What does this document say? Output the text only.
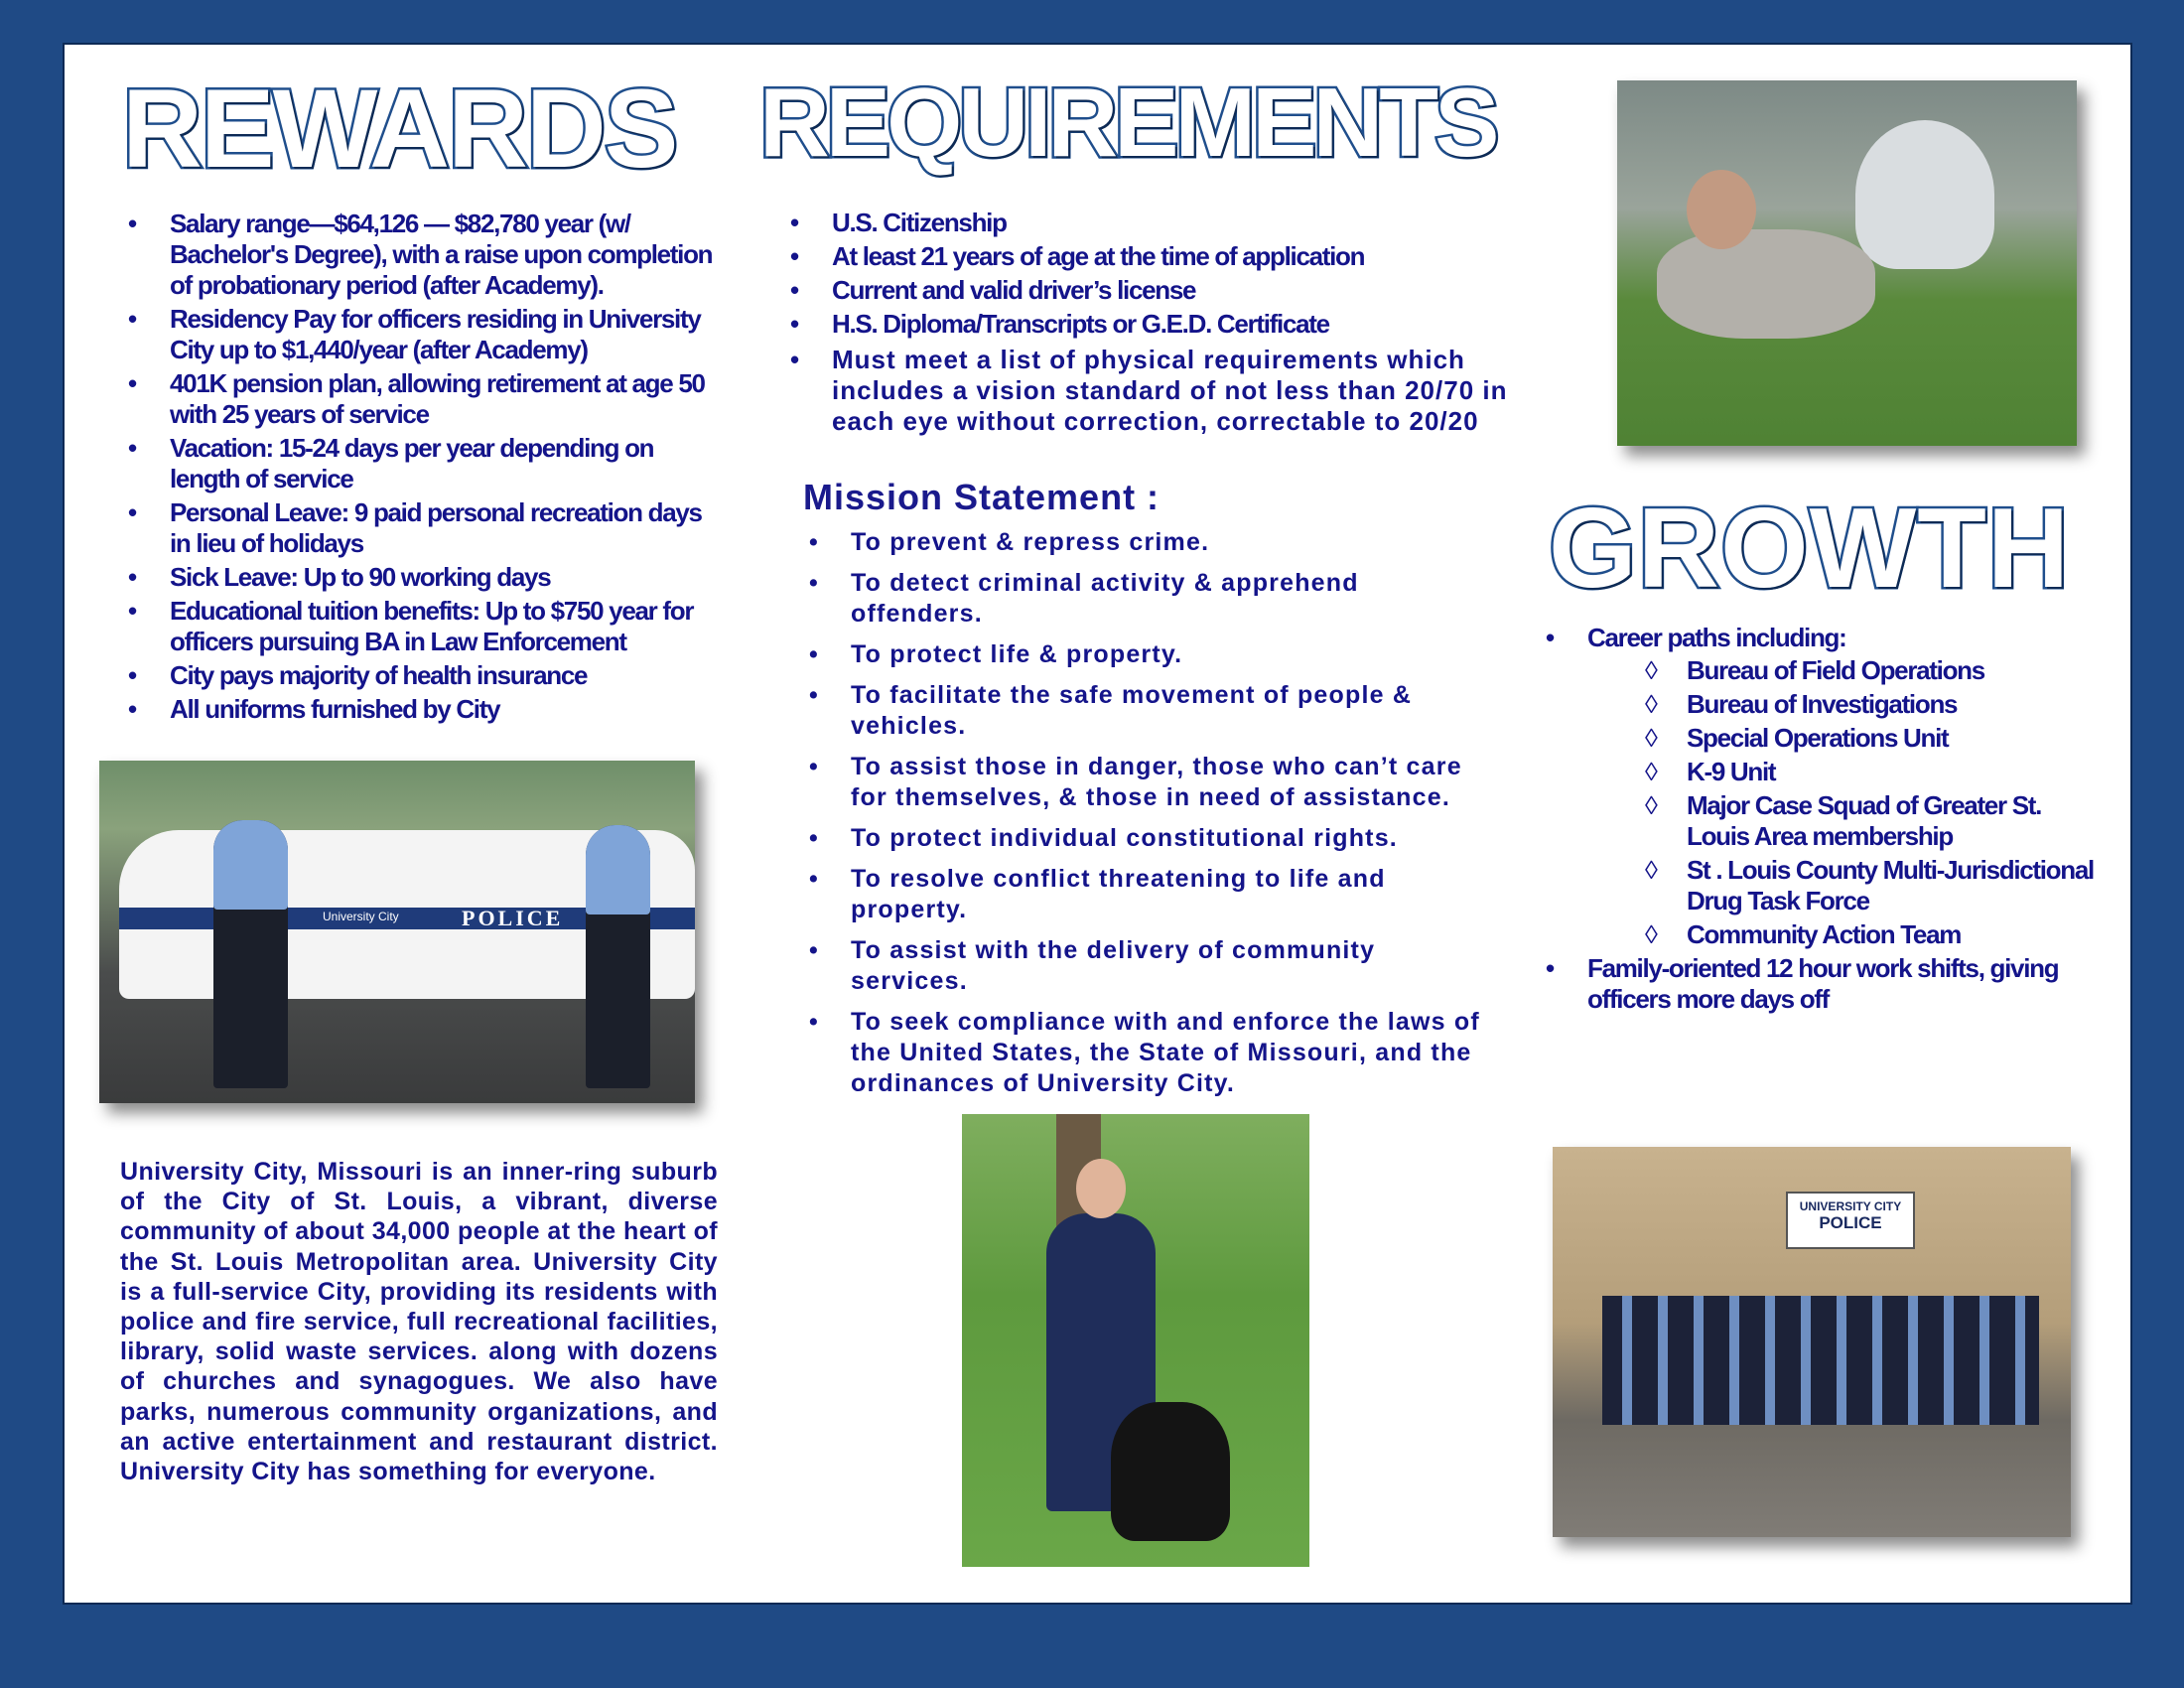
REWARDS REQUIREMENTS
GROWTH
• Salary range—$64,126 — $82,780 year (w/ Bachelor's Degree), with a raise upon completion of probationary period (after Academy).
• Residency Pay for officers residing in University City up to $1,440/year (after Academy)
• 401K pension plan, allowing retirement at age 50 with 25 years of service
• Vacation: 15-24 days per year depending on length of service
• Personal Leave: 9 paid personal recreation days in lieu of holidays
• Sick Leave: Up to 90 working days
• Educational tuition benefits: Up to $750 year for officers pursuing BA in Law Enforcement
• City pays majority of health insurance
• All uniforms furnished by City
• U.S. Citizenship
• At least 21 years of age at the time of application
• Current and valid driver’s license
• H.S. Diploma/Transcripts or G.E.D. Certificate
• Must meet a list of physical requirements which includes a vision standard of not less than 20/70 in each eye without correction, correctable to 20/20
Mission Statement :
• To prevent & repress crime.
• To detect criminal activity & apprehend offenders.
• To protect life & property.
• To facilitate the safe movement of people & vehicles.
• To assist those in danger, those who can’t care for themselves, & those in need of assistance.
• To protect individual constitutional rights.
• To resolve conflict threatening to life and property.
• To assist with the delivery of community services.
• To seek compliance with and enforce the laws of the United States, the State of Missouri, and the ordinances of University City.
• Career paths including:
◊ Bureau of Field Operations
◊ Bureau of Investigations
◊ Special Operations Unit
◊ K-9 Unit
◊ Major Case Squad of Greater St. Louis Area membership
◊ St . Louis County Multi-Jurisdictional Drug Task Force
◊ Community Action Team
• Family-oriented 12 hour work shifts, giving officers more days off
POLICE
University City
UNIVERSITY CITY
POLICE
University City, Missouri is an inner-ring suburb of the City of St. Louis, a vibrant, diverse community of about 34,000 people at the heart of the St. Louis Metropolitan area. University City is a full-service City, providing its residents with police and fire service, full recreational facilities, library, solid waste services. along with dozens of churches and synagogues. We also have parks, numerous community organizations, and an active entertainment and restaurant district. University City has something for everyone.
